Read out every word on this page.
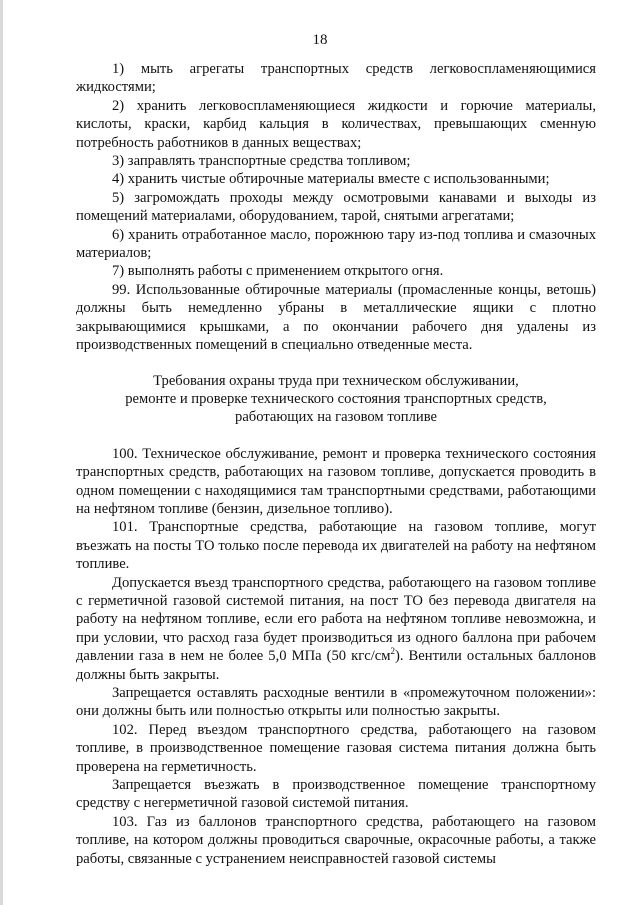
18

1) мыть агрегаты транспортных средств легковоспламеняющимися жидкостями;

2) хранить легковоспламеняющиеся жидкости и горючие материалы, кислоты, краски, карбид кальция в количествах, превышающих сменную потребность работников в данных веществах;

3) заправлять транспортные средства топливом;

4) хранить чистые обтирочные материалы вместе с использованными;

5) загромождать проходы между осмотровыми канавами и выходы из помещений материалами, оборудованием, тарой, снятыми агрегатами;

6) хранить отработанное масло, порожнюю тару из-под топлива и смазочных материалов;

7) выполнять работы с применением открытого огня.

99. Использованные обтирочные материалы (промасленные концы, ветошь) должны быть немедленно убраны в металлические ящики с плотно закрывающимися крышками, а по окончании рабочего дня удалены из производственных помещений в специально отведенные места.

Требования охраны труда при техническом обслуживании,

ремонте и проверке технического состояния транспортных средств,

работающих на газовом топливе

100. Техническое обслуживание, ремонт и проверка технического состояния транспортных средств, работающих на газовом топливе, допускается проводить в одном помещении с находящимися там транспортными средствами, работающими на нефтяном топливе (бензин, дизельное топливо).

101. Транспортные средства, работающие на газовом топливе, могут въезжать на посты ТО только после перевода их двигателей на работу на нефтяном топливе.

Допускается въезд транспортного средства, работающего на газовом топливе с герметичной газовой системой питания, на пост ТО без перевода двигателя на работу на нефтяном топливе, если его работа на нефтяном топливе невозможна, и при условии, что расход газа будет производиться из одного баллона при рабочем давлении газа в нем не более 5,0 МПа (50 кгс/$см^2$). Вентили остальных баллонов должны быть закрыты.

Запрещается оставлять расходные вентили в «промежуточном положении»: они должны быть или полностью открыты или полностью закрыты.

102. Перед въездом транспортного средства, работающего на газовом топливе, в производственное помещение газовая система питания должна быть проверена на герметичность.

Запрещается въезжать в производственное помещение транспортному средству с негерметичной газовой системой питания.

103. Газ из баллонов транспортного средства, работающего на газовом топливе, на котором должны проводиться сварочные, окрасочные работы, а также работы, связанные с устранением неисправностей газовой системы
